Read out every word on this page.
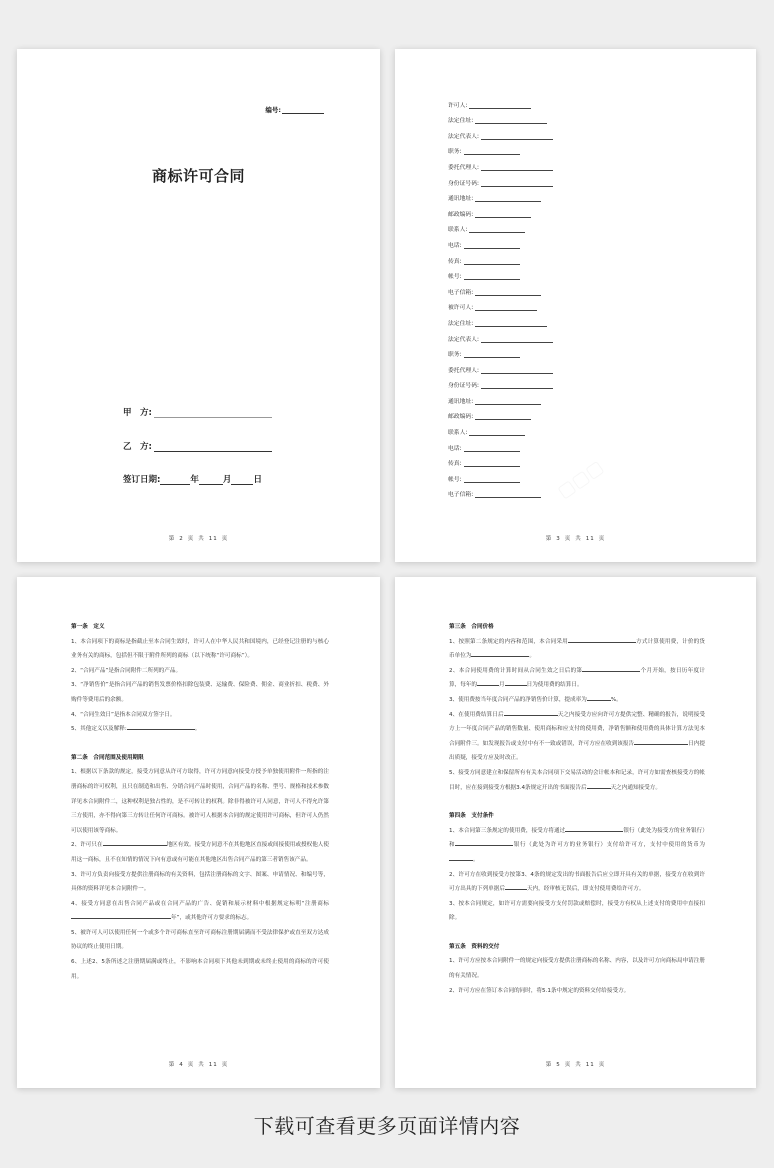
编号:
商标许可合同
甲　方:
乙　方:
签订日期:	年	月	日
第 2 页 共 11 页
许可人:
法定住址:
法定代表人:
职务:
委托代理人:
身份证号码:
通讯地址:
邮政编码:
联系人:
电话:
传真:
帐号:
电子信箱:
被许可人:
法定住址:
法定代表人:
职务:
委托代理人:
身份证号码:
通讯地址:
邮政编码:
联系人:
电话:
传真:
帐号:
电子信箱:
第 3 页 共 11 页
第一条　定义
1、本合同项下的商标是指截止至本合同生效时，许可人在中华人民共和国境内，已经登记注册的与核心业务有关的商标，包括但不限于附件所列的商标（以下统称“许可商标”）。
2、“合同产品”是指合同附件二所列的产品。
3、“净销售价”是指合同产品的销售发票价格扣除包装费、运输费、保险费、佣金、商业折扣、税费、外购件等费用后的余额。
4、“合同生效日”是指本合同双方签字日。
5、其他定义以及解释:	。
第二条　合同范围及使用期限
1、根据以下条款的规定，接受方同意从许可方取得，许可方同意向接受方授予单独使用附件一所指的注册商标的许可权利，且只在制造和出售、分销合同产品时使用，合同产品的名称、型号、规格和技术参数详见本合同附件二，这种权利是独占性的，是不可转让的权利。除非得被许可人同意，许可人不得允许第三方使用，亦不得向第三方转让任何许可商标。被许可人根据本合同的规定使用许可商标，但许可人仍然可以使用该等商标。
2、许可只在	地区有效。接受方同意不在其他地区直接或间接使用或授权他人使用这一商标，且不在知情的情况下向有意或有可能在其他地区出售合同产品的第三者销售该产品。
3、许可方负责向接受方提供注册商标的有关资料，包括注册商标的文字、图案、申请情况、和编号等，具体的资料详见本合同附件一。
4、接受方同意在出售合同产品或在合同产品的广告、促销和展示材料中根据规定标明“注册商标年”，或其他许可方要求的标志。
5、被许可人可以使用任何一个或多个许可商标直至许可商标注册期届满而不受法律保护或直至双方达成协议的终止使用日期。
6、上述2、5条所述之注册期届满或终止，不影响本合同项下其他未到期或未终止使用的商标的许可使用。
第 4 页 共 11 页
第三条　合同价格
1、按照第二条规定的内容和范围，本合同采用	方式计算使用费，计价的货币单位为	。
2、本合同使用费的计算时间从合同生效之日后的第	个月开始，按日历年度计算，每年的	月	日为使用费的结算日。
3、使用费按当年度合同产品的净销售价计算，提成率为	%。
4、在使用费结算日后	天之内接受方应向许可方提供完整、精确的报告，说明接受方上一年度合同产品的销售数量、使用商标和应支付的使用费，净销售额和使用费的具体计算方法见本合同附件三。如发现报告或支付中有不一致或错误，许可方应在收到该报告	日内提出质疑，接受方应及时改正。
5、接受方同意建立和保留所有有关本合同项下交易活动的会计帐本和记录，许可方如需查核接受方的帐目时，应在接到接受方根据3.4条规定开出的书面报告后	天之内通知接受方。
第四条　支付条件
1、本合同第三条规定的使用费，接受方将通过	银行（此处为接受方的业务银行）和	银行（此处为许可方的业务银行）支付给许可方，支付中使用的货币为。
2、许可方在收到接受方按第3、4条的规定发出的书面报告后应立即开具有关的单据，接受方在收到许可方出具的下列单据后	天内，经审核无误后，即支付使用费给许可方。
3、按本合同规定，如许可方需要向接受方支付罚款或赔偿时，接受方有权从上述支付的费用中直接扣除。
第五条　资料的交付
1、许可方应按本合同附件一的规定向接受方提供注册商标的名称、内容，以及许可方向商标局申请注册的有关情况。
2、许可方应在签订本合同的同时，将5.1条中规定的资料交付给接受方。
第 5 页 共 11 页
下载可查看更多页面详情内容
